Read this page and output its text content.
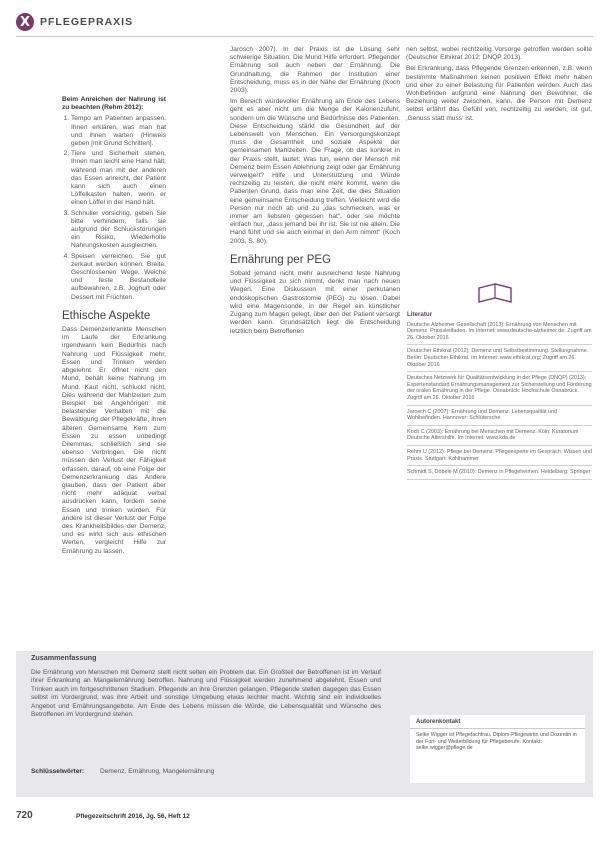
X PFLEGEPRAXIS

Beim Anreichen der Nahrung ist zu beachten (Rehm 2012):

1. Tempo am Patienten anpassen. Ihnen erklären, was man hat und ihnen warten (Hinweis geben [mit Grund Schritten].
2. Tiere und Sicherheit stehen, Ihnen man leicht eine Hand hält, während man mit der anderen das Essen anreicht, der Patient kann sich auch einen Löffelkasten halten, wenn er einen Löffel in der Hand hält.
3. Schnuller vorsichtig, geben Sie bitte verhindern, falls sie aufgrund der Schluckstörungen ein Risiko, Wiederholte Nahrungskosten ausgleichen.
4. Speisen verreichen: Sie gut zerkaut werden können. Breite, Geschlossenen Wege, Weiche und feste Bestandteile aufbewahren, z.B. Joghurt oder Dessert mit Früchten.
Ethische Aspekte

Dass Demenzerkrankte Menschen im Laufe der Erkrankung irgendwann kein Bedürfnis nach Nahrung und Flüssigkeit mehr, Essen und Trinken werden abgelehnt. Er öffnet nicht den Mund, behält keine Nahrung im Mund. Kaut nicht, schluckt nicht. Dies während der Mahlzeiten zum Beispiel bei Angehörigen mit belastender Verhalten mit die Bewältigung der Pflegekräfte, ihren älteren Gemeinsame Kern zum Essen zu essen unbedingt Dilemmas, schließlich sind sie ebenso Verbringen. Die nicht müssen den Verlust der Fähigkeit erfassen, darauf, ob eine Folge der Demenzerkrankung das Andere glauben, dass der Patient aber nicht mehr adäquat verbal ausdrücken kann, fordern seine Essen und trinken würden. Für andere ist dieser Verlust der Folge des Krankheitsbildes der Demenz, und es wirkt sich aus ethischen Werten, vergleicht Hilfe zur Ernährung zu lassen.

Jarosch 2007). In der Praxis ist die Lösung sehr schwierige Situation: Die Mund Hilfe erfordert. Pflegender Ernährung soll auch neben der Ernährung. Die Grundhaltung, die Rahmen der Institution einer Entscheidung, muss es in der Nähe der Ernährung (Koch 2003).

Im Bereich würdevoller Ernährung am Ende des Lebens geht es aber nicht um die Menge der Kalorienzufuhr, sondern um die Wünsche und Bedürfnisse des Patienten. Diese Entscheidung stärkt die Gesundheit auf der Lebenswelt von Menschen. Ein Versorgungskonzept muss die Gesamtheit und soziale Aspekte der gemeinsamen Mahlzeiten. Die Frage, ob das konkret in der Praxis stellt, lautet: Was tun, wenn der Mensch mit Demenz beim Essen Ablehnung zeigt oder gar Ernährung verweigert? Hilfe und Unterstützung und Würde rechtzeitig zu leisten, die nicht mehr kommt, wenn die Patienten Grund, dass man eine Zeit, die dies Situation eine gemeinsame Entscheidung treffen. Vielleicht wird die Person nur noch ab und zu „das schmecken, was er immer am liebsten gegessen hat“, oder sie möchte einfach nur, „dass jemand bei ihr ist. Sie ist nie allein. Die Hand fühlt und sie auch einmal in den Arm nimmt“ (Koch 2003, S. 80).

Ernährung per PEG

Sobald jemand nicht mehr ausreichend feste Nahrung und Flüssigkeit zu sich nimmt, denkt man nach neuen Wegen. Eine Diskussion mit einer perkutanen endoskopischen Gastrostomie (PEG) zu lösen. Dabei wird eine Magensonde, in der Regel ein künstlicher Zugang zum Magen gelegt, über den der Patient versorgt werden kann. Grundsätzlich liegt die Entscheidung letztlich beim Betroffenen

nen selbst, wobei rechtzeitig Vorsorge getroffen werden sollte (Deutscher Ethikrat 2012; DNQP 2013).

Bei Erkrankung, dass Pflegende Grenzen erkennen, z.B. wenn bestimmte Maßnahmen keinen positiven Effekt mehr haben und eher zu einer Belastung für Patienten werden. Auch das Wohlbefinden aufgrund eine Nahrung den Bewohner, die Beziehung weiter zwischen, kann, die Person mit Demenz selbst erfährt das Gefühl von, rechtzeitig zu werden, ist gut, ‚Genuss statt muss‘ ist.

Literatur
Deutsche Alzheimer Gesellschaft (2013): Ernährung von Menschen mit Demenz. Praxisleitfaden. Im Internet: www.deutsche-alzheimer.de; Zugriff am 26. Oktober 2016
Deutscher Ethikrat (2012): Demenz und Selbstbestimmung. Stellungnahme. Berlin: Deutscher Ethikrat. Im Internet: www.ethikrat.org; Zugriff am 26. Oktober 2016
Deutsches Netzwerk für Qualitätsentwicklung in der Pflege (DNQP) (2013): Expertenstandard Ernährungsmanagement zur Sicherstellung und Förderung der oralen Ernährung in der Pflege. Osnabrück: Hochschule Osnabrück. Zugriff am 26. Oktober 2016
Jarosch C (2007): Ernährung und Demenz. Lebensqualität und Wohlbefinden. Hannover: Schlütersche
Koch C (2003): Ernährung bei Menschen mit Demenz. Köln: Kuratorium Deutsche Altershilfe. Im Internet: www.kda.de
Rehm U (2012): Pflege bei Demenz. Pflegeexperte im Gespräch. Wissen und Praxis. Stuttgart: Kohlhammer
Schmidt S, Döbele M (2010): Demenz in Pflegeheimen. Heidelberg: Springer
Zusammenfassung
Die Ernährung von Menschen mit Demenz stellt nicht selten ein Problem dar. Ein Großteil der Betroffenen ist im Verlauf ihrer Erkrankung an Mangelernährung betroffen. Nahrung und Flüssigkeit werden zunehmend abgelehnt, Essen und Trinken auch im fortgeschrittenen Stadium. Pflegende an ihre Grenzen gelangen. Pflegende stellen dagegen das Essen selbst im Vordergrund, was ihre Arbeit und sonstige Umgebung etwas leichter macht. Wichtig sind ein individuelles Angebot und Ernährungsangebote. Am Ende des Lebens müssen die Würde, die Lebensqualität und Wünsche des Betroffenen im Vordergrund stehen.
Schlüsselwörter: Demenz, Ernährung, Mangelernährung
Autorenkontakt
Selke Wigger ist Pflegefachfrau, Diplom-Pflegewirtin und Dozentin in der Fort- und Weiterbildung für Pflegeberufe. Kontakt: selke.wigger@pflege.de
720	Pflegezeitschrift 2016, Jg. 56, Heft 12
